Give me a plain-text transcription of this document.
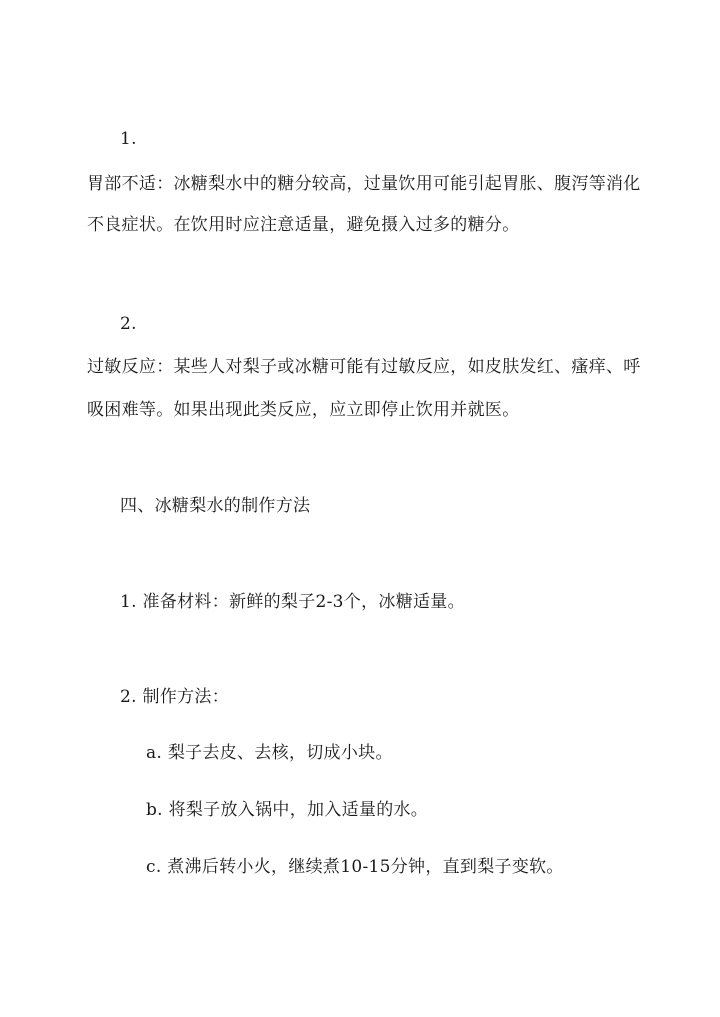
1.
胃部不适：冰糖梨水中的糖分较高，过量饮用可能引起胃胀、腹泻等消化
不良症状。在饮用时应注意适量，避免摄入过多的糖分。
2.
过敏反应：某些人对梨子或冰糖可能有过敏反应，如皮肤发红、瘙痒、呼
吸困难等。如果出现此类反应，应立即停止饮用并就医。
四、冰糖梨水的制作方法
1. 准备材料：新鲜的梨子2-3个，冰糖适量。
2. 制作方法：
a. 梨子去皮、去核，切成小块。
b. 将梨子放入锅中，加入适量的水。
c. 煮沸后转小火，继续煮10-15分钟，直到梨子变软。
